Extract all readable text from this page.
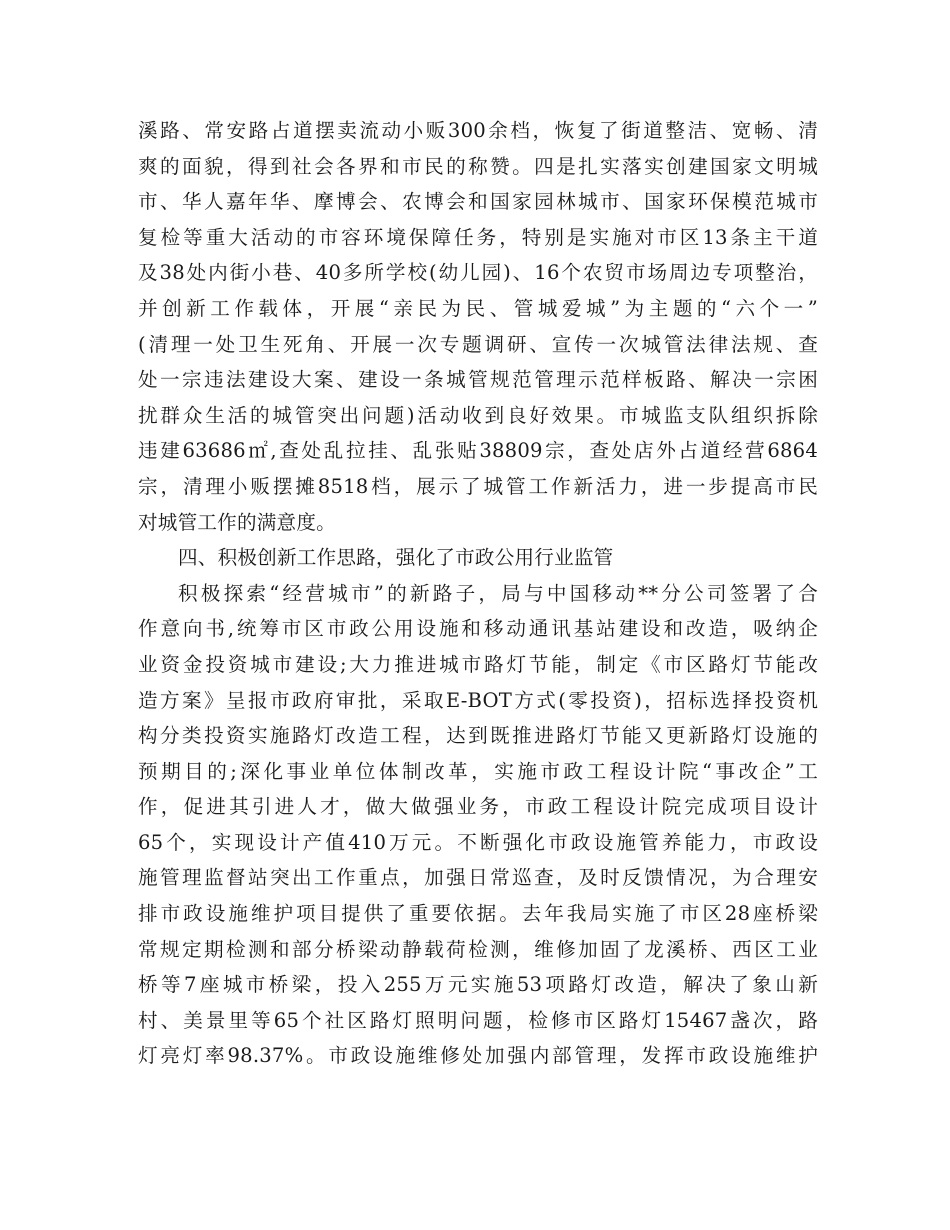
溪路、常安路占道摆卖流动小贩300余档，恢复了街道整洁、宽畅、清
爽的面貌，得到社会各界和市民的称赞。四是扎实落实创建国家文明城
市、华人嘉年华、摩博会、农博会和国家园林城市、国家环保模范城市
复检等重大活动的市容环境保障任务，特别是实施对市区13条主干道
及38处内街小巷、40多所学校(幼儿园)、16个农贸市场周边专项整治，
并创新工作载体，开展“亲民为民、管城爱城”为主题的“六个一”
(清理一处卫生死角、开展一次专题调研、宣传一次城管法律法规、查
处一宗违法建设大案、建设一条城管规范管理示范样板路、解决一宗困
扰群众生活的城管突出问题)活动收到良好效果。市城监支队组织拆除
违建63686㎡,查处乱拉挂、乱张贴38809宗，查处店外占道经营6864
宗，清理小贩摆摊8518档，展示了城管工作新活力，进一步提高市民
对城管工作的满意度。
四、积极创新工作思路，强化了市政公用行业监管
积极探索“经营城市”的新路子，局与中国移动**分公司签署了合
作意向书,统筹市区市政公用设施和移动通讯基站建设和改造，吸纳企
业资金投资城市建设;大力推进城市路灯节能，制定《市区路灯节能改
造方案》呈报市政府审批，采取E-BOT方式(零投资)，招标选择投资机
构分类投资实施路灯改造工程，达到既推进路灯节能又更新路灯设施的
预期目的;深化事业单位体制改革，实施市政工程设计院“事改企”工
作，促进其引进人才，做大做强业务，市政工程设计院完成项目设计
65个，实现设计产值410万元。不断强化市政设施管养能力，市政设
施管理监督站突出工作重点，加强日常巡查，及时反馈情况，为合理安
排市政设施维护项目提供了重要依据。去年我局实施了市区28座桥梁
常规定期检测和部分桥梁动静载荷检测，维修加固了龙溪桥、西区工业
桥等7座城市桥梁，投入255万元实施53项路灯改造，解决了象山新
村、美景里等65个社区路灯照明问题，检修市区路灯15467盏次，路
灯亮灯率98.37%。市政设施维修处加强内部管理，发挥市政设施维护
